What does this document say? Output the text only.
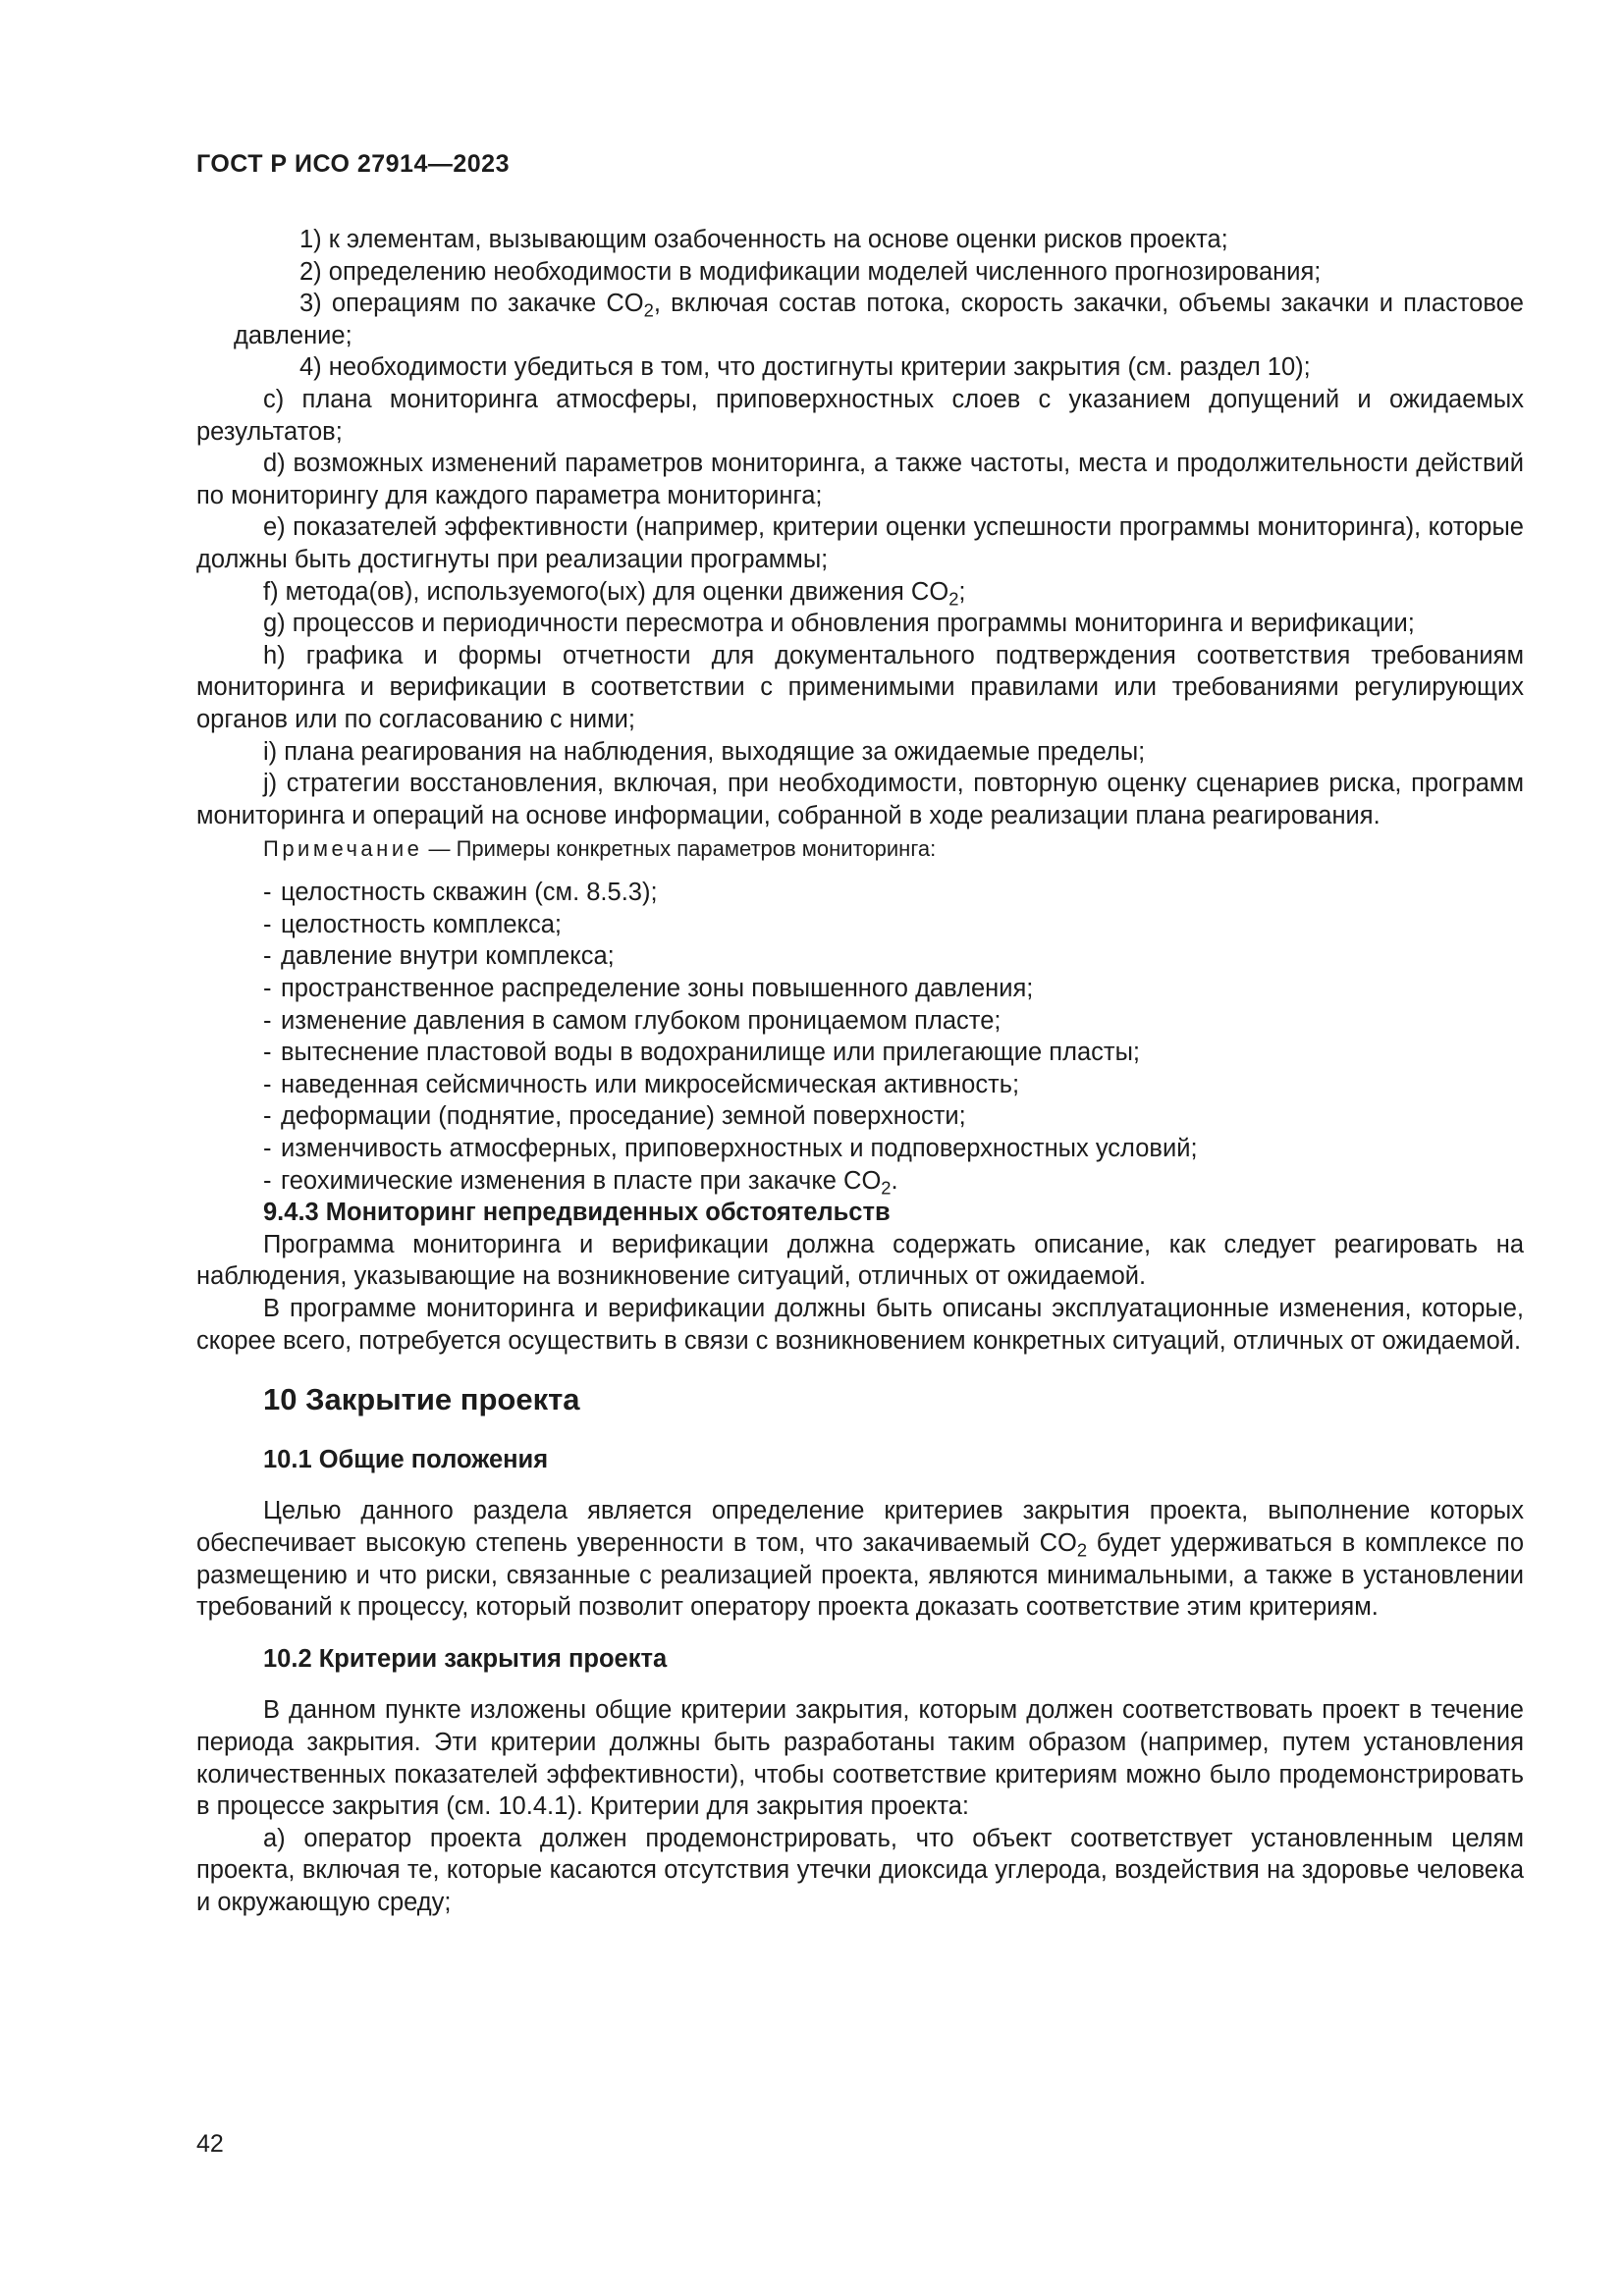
ГОСТ Р ИСО 27914—2023

1) к элементам, вызывающим озабоченность на основе оценки рисков проекта;

2) определению необходимости в модификации моделей численного прогнозирования;

3) операциям по закачке $CO_2$, включая состав потока, скорость закачки, объемы закачки и пластовое давление;

4) необходимости убедиться в том, что достигнуты критерии закрытия (см. раздел 10);

c) плана мониторинга атмосферы, приповерхностных слоев с указанием допущений и ожидаемых результатов;

d) возможных изменений параметров мониторинга, а также частоты, места и продолжительности действий по мониторингу для каждого параметра мониторинга;

e) показателей эффективности (например, критерии оценки успешности программы мониторинга), которые должны быть достигнуты при реализации программы;

f) метода(ов), используемого(ых) для оценки движения $CO_2$;

g) процессов и периодичности пересмотра и обновления программы мониторинга и верификации;

h) графика и формы отчетности для документального подтверждения соответствия требованиям мониторинга и верификации в соответствии с применимыми правилами или требованиями регулирующих органов или по согласованию с ними;

i) плана реагирования на наблюдения, выходящие за ожидаемые пределы;

j) стратегии восстановления, включая, при необходимости, повторную оценку сценариев риска, программ мониторинга и операций на основе информации, собранной в ходе реализации плана реагирования.

Примечание — Примеры конкретных параметров мониторинга:

- целостность скважин (см. 8.5.3);

- целостность комплекса;

- давление внутри комплекса;

- пространственное распределение зоны повышенного давления;

- изменение давления в самом глубоком проницаемом пласте;

- вытеснение пластовой воды в водохранилище или прилегающие пласты;

- наведенная сейсмичность или микросейсмическая активность;

- деформации (поднятие, проседание) земной поверхности;

- изменчивость атмосферных, приповерхностных и подповерхностных условий;

- геохимические изменения в пласте при закачке $CO_2$.

9.4.3 Мониторинг непредвиденных обстоятельств

Программа мониторинга и верификации должна содержать описание, как следует реагировать на наблюдения, указывающие на возникновение ситуаций, отличных от ожидаемой.

В программе мониторинга и верификации должны быть описаны эксплуатационные изменения, которые, скорее всего, потребуется осуществить в связи с возникновением конкретных ситуаций, отличных от ожидаемой.

10 Закрытие проекта

10.1 Общие положения

Целью данного раздела является определение критериев закрытия проекта, выполнение которых обеспечивает высокую степень уверенности в том, что закачиваемый $CO_2$ будет удерживаться в комплексе по размещению и что риски, связанные с реализацией проекта, являются минимальными, а также в установлении требований к процессу, который позволит оператору проекта доказать соответствие этим критериям.

10.2 Критерии закрытия проекта

В данном пункте изложены общие критерии закрытия, которым должен соответствовать проект в течение периода закрытия. Эти критерии должны быть разработаны таким образом (например, путем установления количественных показателей эффективности), чтобы соответствие критериям можно было продемонстрировать в процессе закрытия (см. 10.4.1). Критерии для закрытия проекта:

a) оператор проекта должен продемонстрировать, что объект соответствует установленным целям проекта, включая те, которые касаются отсутствия утечки диоксида углерода, воздействия на здоровье человека и окружающую среду;

42
